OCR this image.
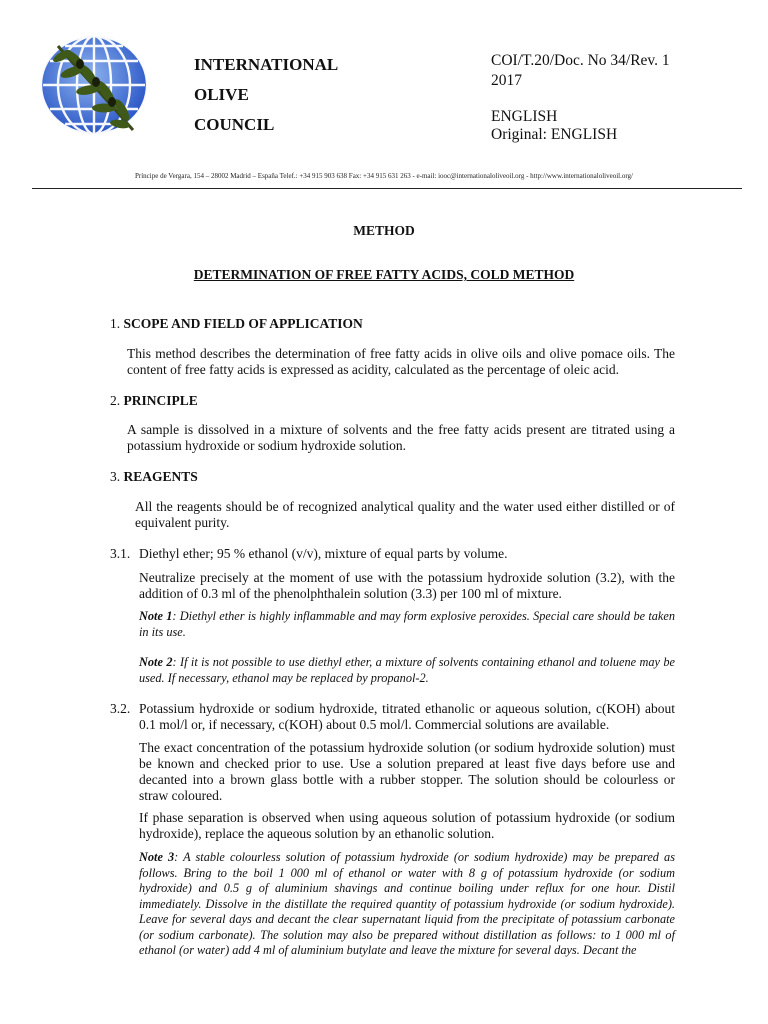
INTERNATIONAL
OLIVE
COUNCIL
COI/T.20/Doc. No 34/Rev. 1
2017
ENGLISH
Original: ENGLISH
Príncipe de Vergara, 154 – 28002 Madrid – España Telef.: +34 915 903 638 Fax: +34 915 631 263 - e-mail: iooc@internationaloliveoil.org - http://www.internationaloliveoil.org/
METHOD
DETERMINATION OF FREE FATTY ACIDS, COLD METHOD
1. SCOPE AND FIELD OF APPLICATION
This method describes the determination of free fatty acids in olive oils and olive pomace oils. The content of free fatty acids is expressed as acidity, calculated as the percentage of oleic acid.
2. PRINCIPLE
A sample is dissolved in a mixture of solvents and the free fatty acids present are titrated using a potassium hydroxide or sodium hydroxide solution.
3. REAGENTS
All the reagents should be of recognized analytical quality and the water used either distilled or of equivalent purity.
3.1. Diethyl ether; 95 % ethanol (v/v), mixture of equal parts by volume.
Neutralize precisely at the moment of use with the potassium hydroxide solution (3.2), with the addition of 0.3 ml of the phenolphthalein solution (3.3) per 100 ml of mixture.
Note 1: Diethyl ether is highly inflammable and may form explosive peroxides. Special care should be taken in its use.
Note 2: If it is not possible to use diethyl ether, a mixture of solvents containing ethanol and toluene may be used. If necessary, ethanol may be replaced by propanol-2.
3.2. Potassium hydroxide or sodium hydroxide, titrated ethanolic or aqueous solution, c(KOH) about 0.1 mol/l or, if necessary, c(KOH) about 0.5 mol/l. Commercial solutions are available.
The exact concentration of the potassium hydroxide solution (or sodium hydroxide solution) must be known and checked prior to use. Use a solution prepared at least five days before use and decanted into a brown glass bottle with a rubber stopper. The solution should be colourless or straw coloured.
If phase separation is observed when using aqueous solution of potassium hydroxide (or sodium hydroxide), replace the aqueous solution by an ethanolic solution.
Note 3: A stable colourless solution of potassium hydroxide (or sodium hydroxide) may be prepared as follows. Bring to the boil 1 000 ml of ethanol or water with 8 g of potassium hydroxide (or sodium hydroxide) and 0.5 g of aluminium shavings and continue boiling under reflux for one hour. Distil immediately. Dissolve in the distillate the required quantity of potassium hydroxide (or sodium hydroxide). Leave for several days and decant the clear supernatant liquid from the precipitate of potassium carbonate (or sodium carbonate). The solution may also be prepared without distillation as follows: to 1 000 ml of ethanol (or water) add 4 ml of aluminium butylate and leave the mixture for several days. Decant the
